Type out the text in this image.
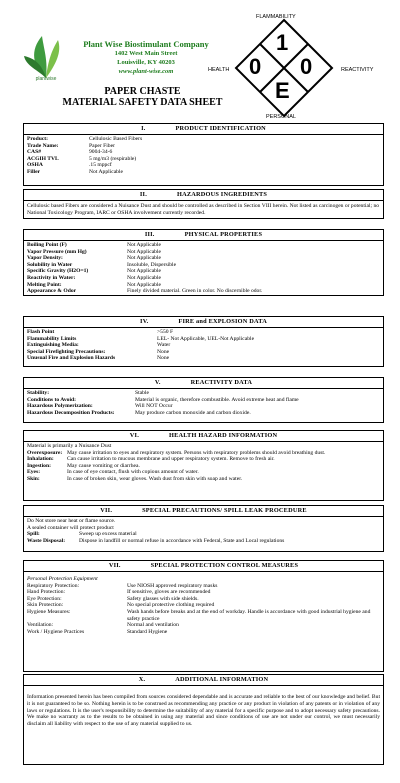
plantwise
Plant Wise Biostimulant Company
1402 West Main Street
Louisville, KY 40203
www.plant-wise.com
FLAMMABILITY
HEALTH	REACTIVITY
PERSONAL
1
0 0
E
PAPER CHASTE
MATERIAL SAFETY DATA SHEET
I.	PRODUCT IDENTIFICATION
Product:	Cellulosic Based Fibers
Trade Name:	Paper Fiber
CAS#	9004-34-6
ACGIH TVL	5 mg/m3 (respirable)
OSHA	.15 mppcf
Filler	Not Applicable
II.	HAZARDOUS INGREDIENTS
Cellulosic based Fibers are considered a Nuisance Dust and should be controlled as described in Section VIII herein. Not listed as carcinogen or potential; no National Toxicology Program, IARC or OSHA involvement currently recorded.
III.	PHYSICAL PROPERTIES
Boiling Point (F)	Not Applicable
Vapor Pressure (mm Hg)	Not Applicable
Vapor Density:	Not Applicable
Solubility in Water	Insoluble, Dispersible
Specific Gravity (H2O=1)	Not Applicable
Reactivity in Water:	Not Applicable
Melting Point:	Not Applicable
Appearance & Odor	Finely divided material. Green in color. No discernible odor.
IV.	FIRE and EXPLOSION DATA
Flash Point	>550 F
Flammability Limits	LEL- Not Applicable, UEL-Not Applicable
Extinguishing Media:	Water
Special Firefighting Precautions:	None
Unusual Fire and Explosion Hazards	None
V.	REACTIVITY DATA
Stability:	Stable
Conditions to Avoid:	Material is organic, therefore combustible. Avoid extreme heat and flame
Hazardous Polymerization:	Will NOT Occur
Hazardous Decomposition Products:	May produce carbon monoxide and carbon dioxide.
VI.	HEALTH HAZARD INFORMATION
Material is primarily a Nuisance Dust
Overexposure: May cause irritation to eyes and respiratory system. Persons with respiratory problems should avoid breathing dust.
Inhalation:	Can cause irritation to mucous membrane and upper respiratory system. Remove to fresh air.
Ingestion:	May cause vomiting or diarrhea.
Eyes:	In case of eye contact, flush with copious amount of water.
Skin:	In case of broken skin, wear gloves. Wash dust from skin with soap and water.
VII.	SPECIAL PRECAUTIONS/ SPILL LEAK PROCEDURE
Do Not store near heat or flame source.
A sealed container will protect product
Spill:	Sweep up excess material
Waste Disposal:	Dispose in landfill or normal refuse in accordance with Federal, State and Local regulations
VII.	SPECIAL PROTECTION CONTROL MEASURES
Personal Protection Equipment
Respiratory Protection:	Use NIOSH approved respiratory masks
Hand Protection:	If sensitive, gloves are recommended
Eye Protection:	Safety glasses with side shields.
Skin Protection:	No special protective clothing required
Hygiene Measures:	Wash hands before breaks and at the end of workday. Handle is accordance with good industrial hygiene and safety practice
Ventilation:	Normal and ventilation
Work / Hygiene Practices	Standard Hygiene
X.	ADDITIONAL INFORMATION
Information presented herein has been compiled from sources considered dependable and is accurate and reliable to the best of our knowledge and belief. But it is not guaranteed to be so. Nothing herein is to be construed as recommending any practice or any product in violation of any patents or in violation of any laws or regulations. It is the user's responsibility to determine the suitability of any material for a specific purpose and to adopt necessary safety precautions. We make no warranty as to the results to be obtained in using any material and since conditions of use are not under our control, we must necessarily disclaim all liability with respect to the use of any material supplied to us.
